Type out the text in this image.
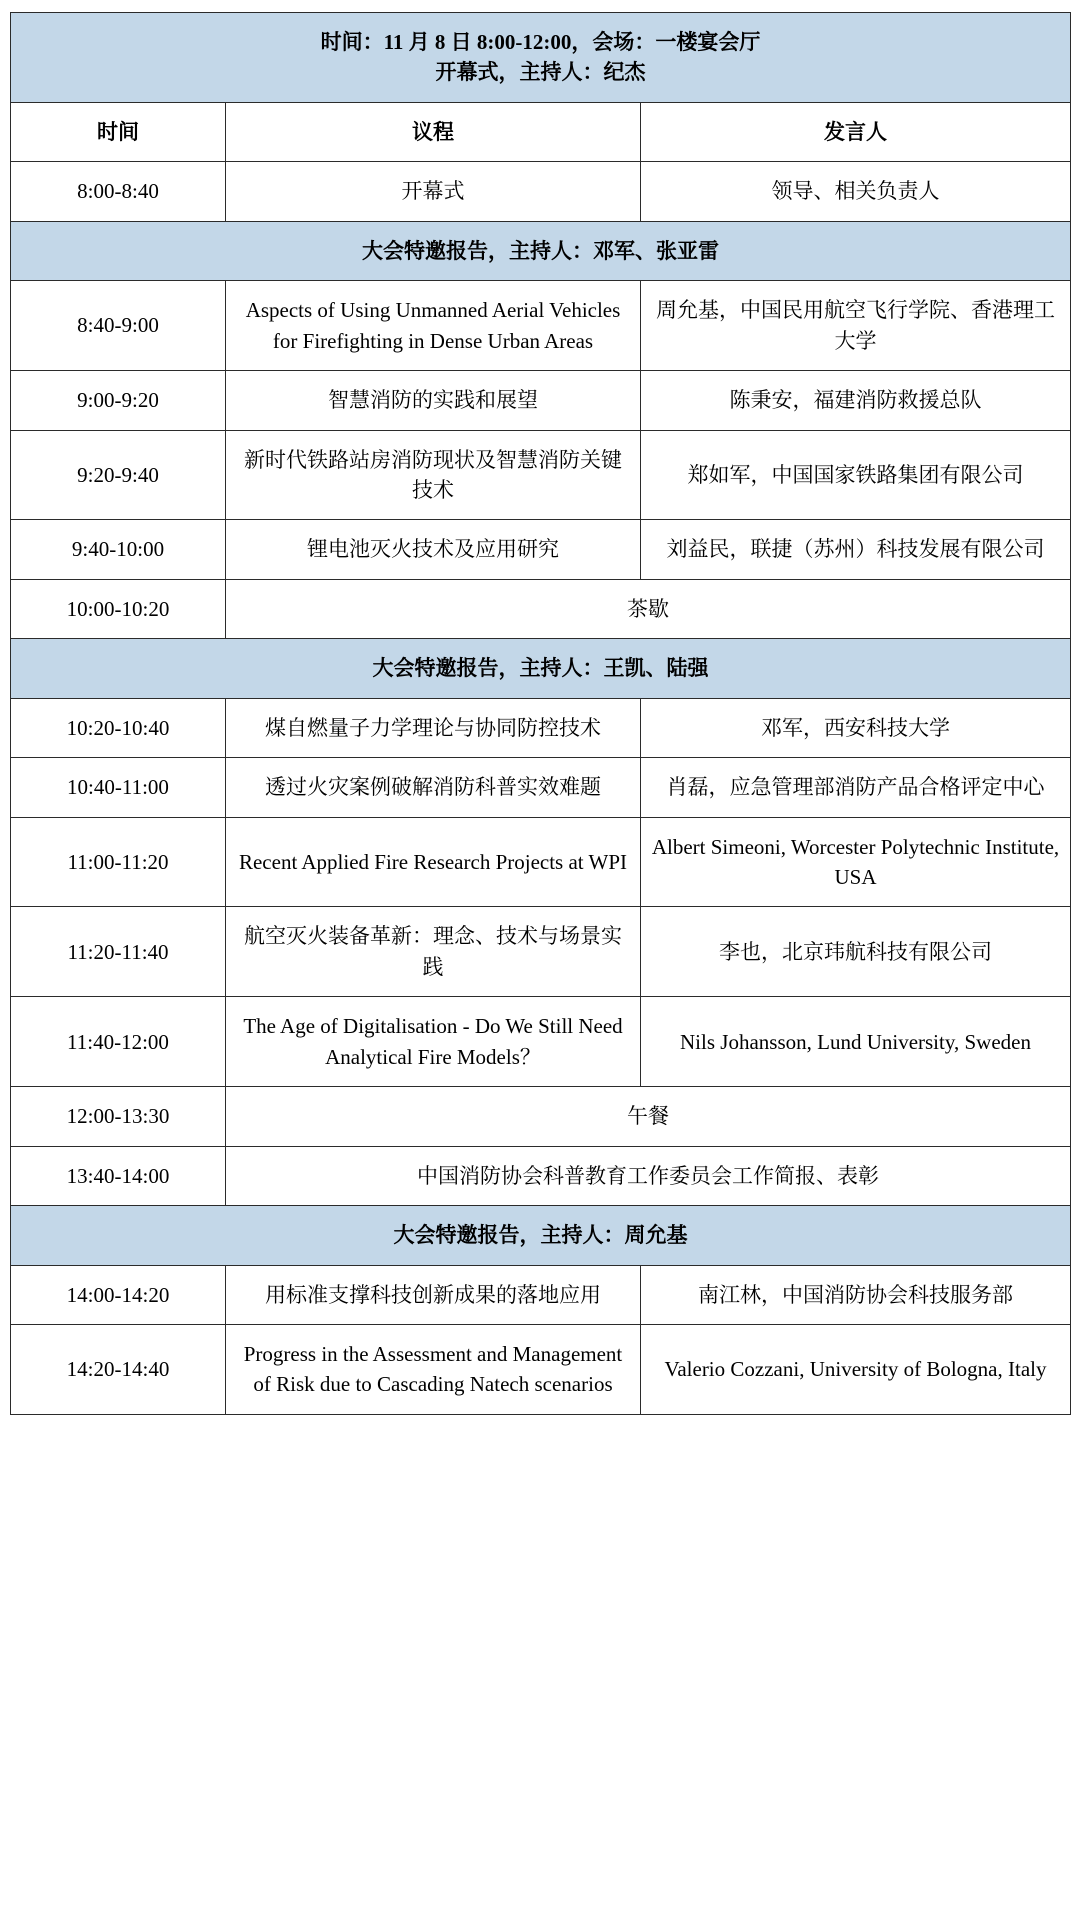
时间：11 月 8 日 8:00-12:00，会场：一楼宴会厅
开幕式，主持人：纪杰		

时间	议程	发言人
8:00-8:40	开幕式	领导、相关负责人
大会特邀报告，主持人：邓军、张亚雷		
8:40-9:00	Aspects of Using Unmanned Aerial Vehicles for Firefighting in Dense Urban Areas	周允基，中国民用航空飞行学院、香港理工大学
9:00-9:20	智慧消防的实践和展望	陈秉安，福建消防救援总队
9:20-9:40	新时代铁路站房消防现状及智慧消防关键技术	郑如军，中国国家铁路集团有限公司
9:40-10:00	锂电池灭火技术及应用研究	刘益民，联捷（苏州）科技发展有限公司
10:00-10:20	茶歇	
大会特邀报告，主持人：王凯、陆强		
10:20-10:40	煤自燃量子力学理论与协同防控技术	邓军，西安科技大学
10:40-11:00	透过火灾案例破解消防科普实效难题	肖磊，应急管理部消防产品合格评定中心
11:00-11:20	Recent Applied Fire Research Projects at WPI	Albert Simeoni, Worcester Polytechnic Institute, USA
11:20-11:40	航空灭火装备革新：理念、技术与场景实践	李也，北京玮航科技有限公司
11:40-12:00	The Age of Digitalisation - Do We Still Need Analytical Fire Models？	Nils Johansson, Lund University, Sweden
12:00-13:30	午餐	
13:40-14:00	中国消防协会科普教育工作委员会工作简报、表彰	
大会特邀报告，主持人：周允基		
14:00-14:20	用标准支撑科技创新成果的落地应用	南江林，中国消防协会科技服务部
14:20-14:40	Progress in the Assessment and Management of Risk due to Cascading Natech scenarios	Valerio Cozzani, University of Bologna, Italy
